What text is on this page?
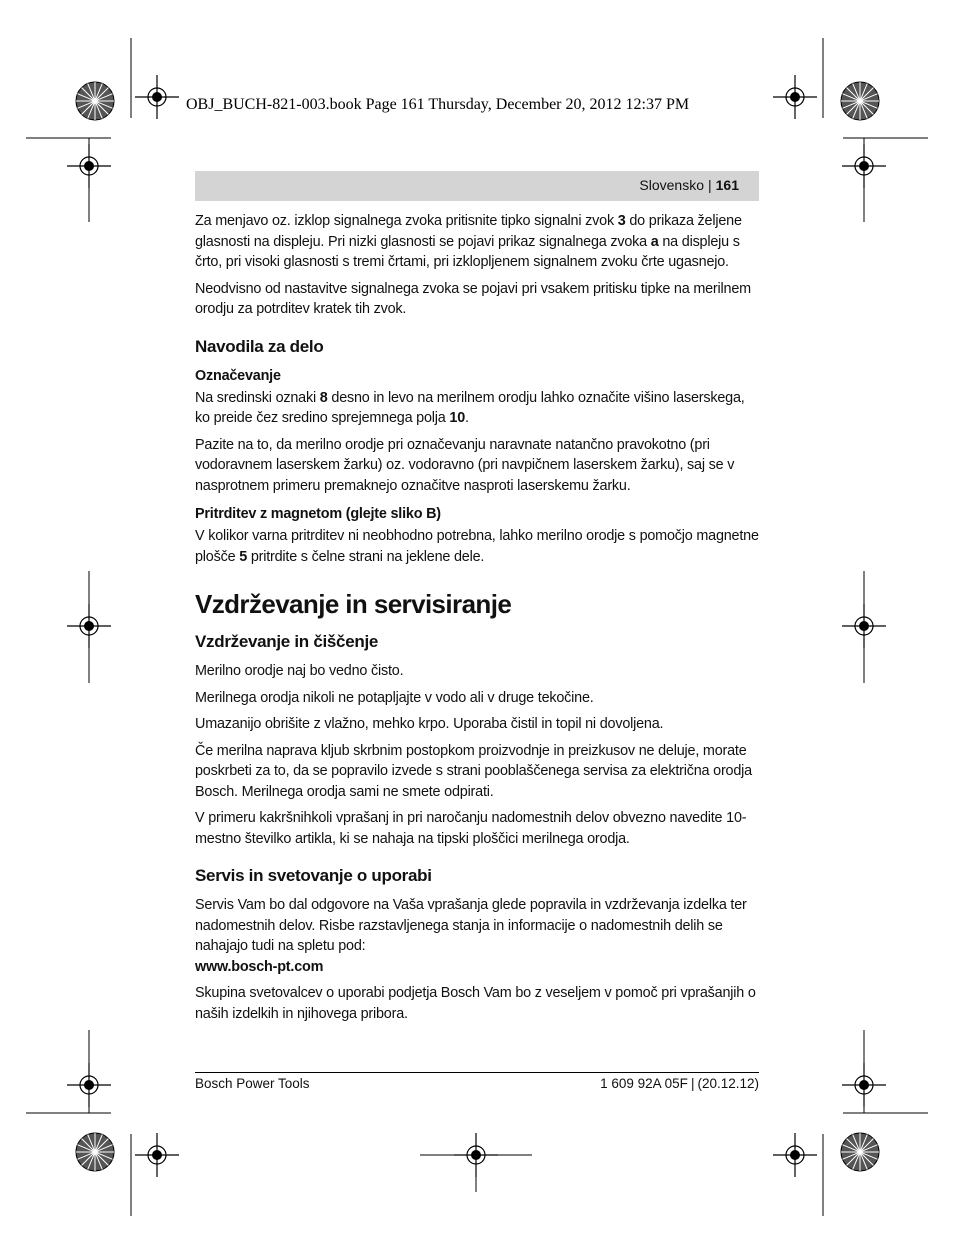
OBJ_BUCH-821-003.book Page 161 Thursday, December 20, 2012 12:37 PM
Slovensko | 161

Za menjavo oz. izklop signalnega zvoka pritisnite tipko signalni zvok 3 do prikaza željene glasnosti na displeju. Pri nizki glasnosti se pojavi prikaz signalnega zvoka a na displeju s črto, pri visoki glasnosti s tremi črtami, pri izklopljenem signalnem zvoku črte ugasnejo.

Neodvisno od nastavitve signalnega zvoka se pojavi pri vsakem pritisku tipke na merilnem orodju za potrditev kratek tih zvok.

Navodila za delo
Označevanje

Na sredinski oznaki 8 desno in levo na merilnem orodju lahko označite višino laserskega, ko preide čez sredino sprejemnega polja 10.

Pazite na to, da merilno orodje pri označevanju naravnate natančno pravokotno (pri vodoravnem laserskem žarku) oz. vodoravno (pri navpičnem laserskem žarku), saj se v nasprotnem primeru premaknejo označitve nasproti laserskemu žarku.

Pritrditev z magnetom (glejte sliko B)

V kolikor varna pritrditev ni neobhodno potrebna, lahko merilno orodje s pomočjo magnetne plošče 5 pritrdite s čelne strani na jeklene dele.

Vzdrževanje in servisiranje
Vzdrževanje in čiščenje

Merilno orodje naj bo vedno čisto.

Merilnega orodja nikoli ne potapljajte v vodo ali v druge tekočine.

Umazanijo obrišite z vlažno, mehko krpo. Uporaba čistil in topil ni dovoljena.

Če merilna naprava kljub skrbnim postopkom proizvodnje in preizkusov ne deluje, morate poskrbeti za to, da se popravilo izvede s strani pooblaščenega servisa za električna orodja Bosch. Merilnega orodja sami ne smete odpirati.

V primeru kakršnihkoli vprašanj in pri naročanju nadomestnih delov obvezno navedite 10-mestno številko artikla, ki se nahaja na tipski ploščici merilnega orodja.

Servis in svetovanje o uporabi

Servis Vam bo dal odgovore na Vaša vprašanja glede popravila in vzdrževanja izdelka ter nadomestnih delov. Risbe razstavljenega stanja in informacije o nadomestnih delih se nahajajo tudi na spletu pod:

www.bosch-pt.com

Skupina svetovalcev o uporabi podjetja Bosch Vam bo z veseljem v pomoč pri vprašanjih o naših izdelkih in njihovega pribora.

Bosch Power Tools	1 609 92A 05F | (20.12.12)
